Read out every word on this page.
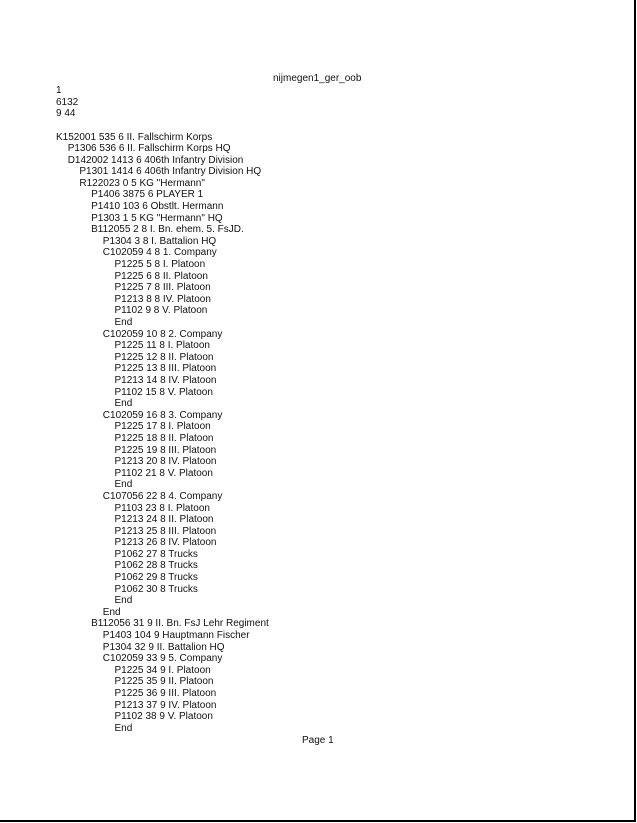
nijmegen1_ger_oob
1
6132
9 44
K152001 535 6 II. Fallschirm Korps
P1306 536 6 II. Fallschirm Korps HQ
D142002 1413 6 406th Infantry Division
P1301 1414 6 406th Infantry Division HQ
R122023 0 5 KG "Hermann"
P1406 3875 6 PLAYER 1
P1410 103 6 Obstlt. Hermann
P1303 1 5 KG "Hermann" HQ
B112055 2 8 I. Bn. ehem. 5. FsJD.
P1304 3 8 I. Battalion HQ
C102059 4 8 1. Company
P1225 5 8 I. Platoon
P1225 6 8 II. Platoon
P1225 7 8 III. Platoon
P1213 8 8 IV. Platoon
P1102 9 8 V. Platoon
End
C102059 10 8 2. Company
P1225 11 8 I. Platoon
P1225 12 8 II. Platoon
P1225 13 8 III. Platoon
P1213 14 8 IV. Platoon
P1102 15 8 V. Platoon
End
C102059 16 8 3. Company
P1225 17 8 I. Platoon
P1225 18 8 II. Platoon
P1225 19 8 III. Platoon
P1213 20 8 IV. Platoon
P1102 21 8 V. Platoon
End
C107056 22 8 4. Company
P1103 23 8 I. Platoon
P1213 24 8 II. Platoon
P1213 25 8 III. Platoon
P1213 26 8 IV. Platoon
P1062 27 8 Trucks
P1062 28 8 Trucks
P1062 29 8 Trucks
P1062 30 8 Trucks
End
End
B112056 31 9 II. Bn. FsJ Lehr Regiment
P1403 104 9 Hauptmann Fischer
P1304 32 9 II. Battalion HQ
C102059 33 9 5. Company
P1225 34 9 I. Platoon
P1225 35 9 II. Platoon
P1225 36 9 III. Platoon
P1213 37 9 IV. Platoon
P1102 38 9 V. Platoon
End
Page 1
